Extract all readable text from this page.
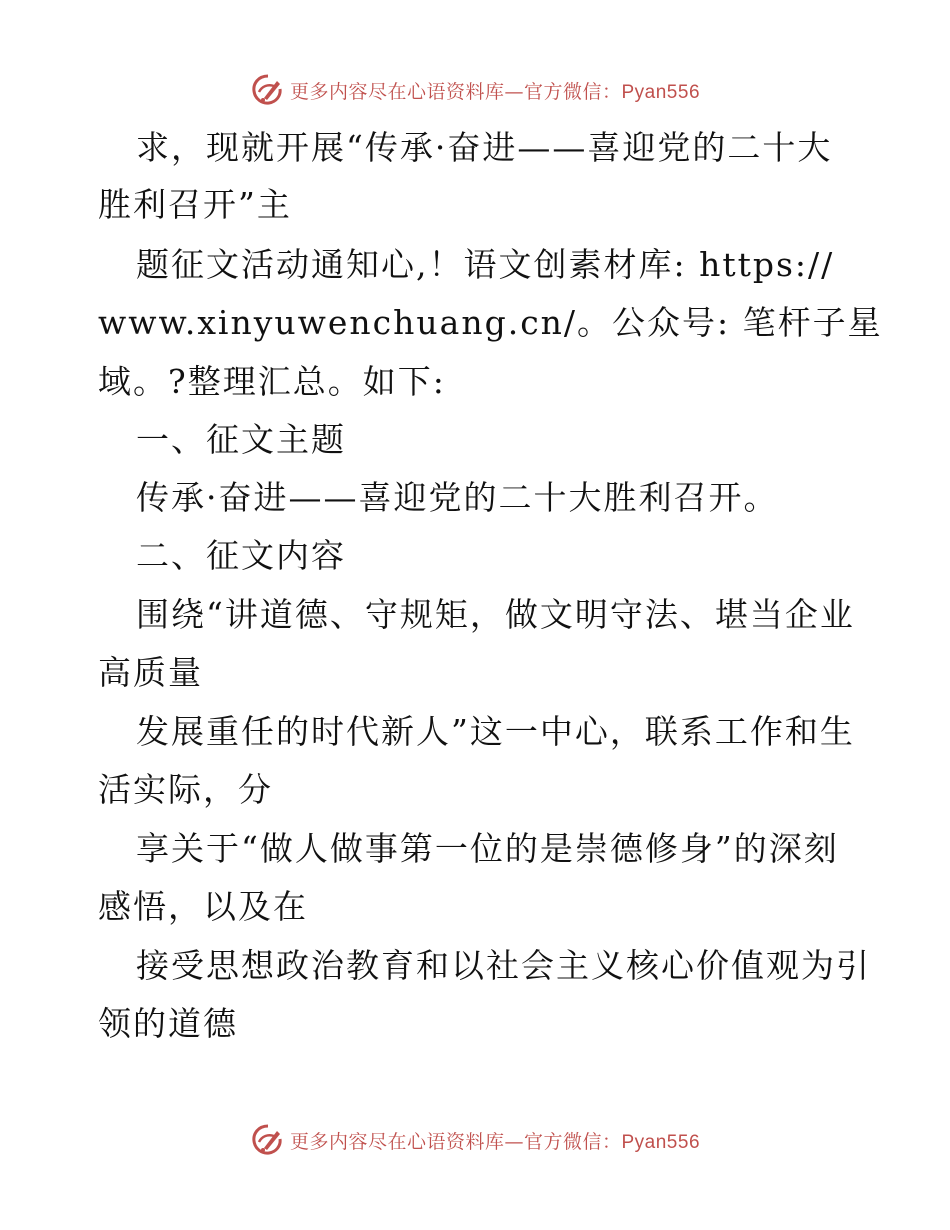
更多内容尽在心语资料库—官方微信：Pyan556
求，现就开展“传承·奋进——喜迎党的二十大
胜利召开”主
题征文活动通知心,！语文创素材库: https://
www.xinyuwenchuang.cn/。公众号: 笔杆子星
域。?整理汇总。如下:
一、征文主题
传承·奋进——喜迎党的二十大胜利召开。
二、征文内容
围绕“讲道德、守规矩，做文明守法、堪当企业
高质量
发展重任的时代新人”这一中心，联系工作和生
活实际，分
享关于“做人做事第一位的是崇德修身”的深刻
感悟，以及在
接受思想政治教育和以社会主义核心价值观为引
领的道德
更多内容尽在心语资料库—官方微信：Pyan556
